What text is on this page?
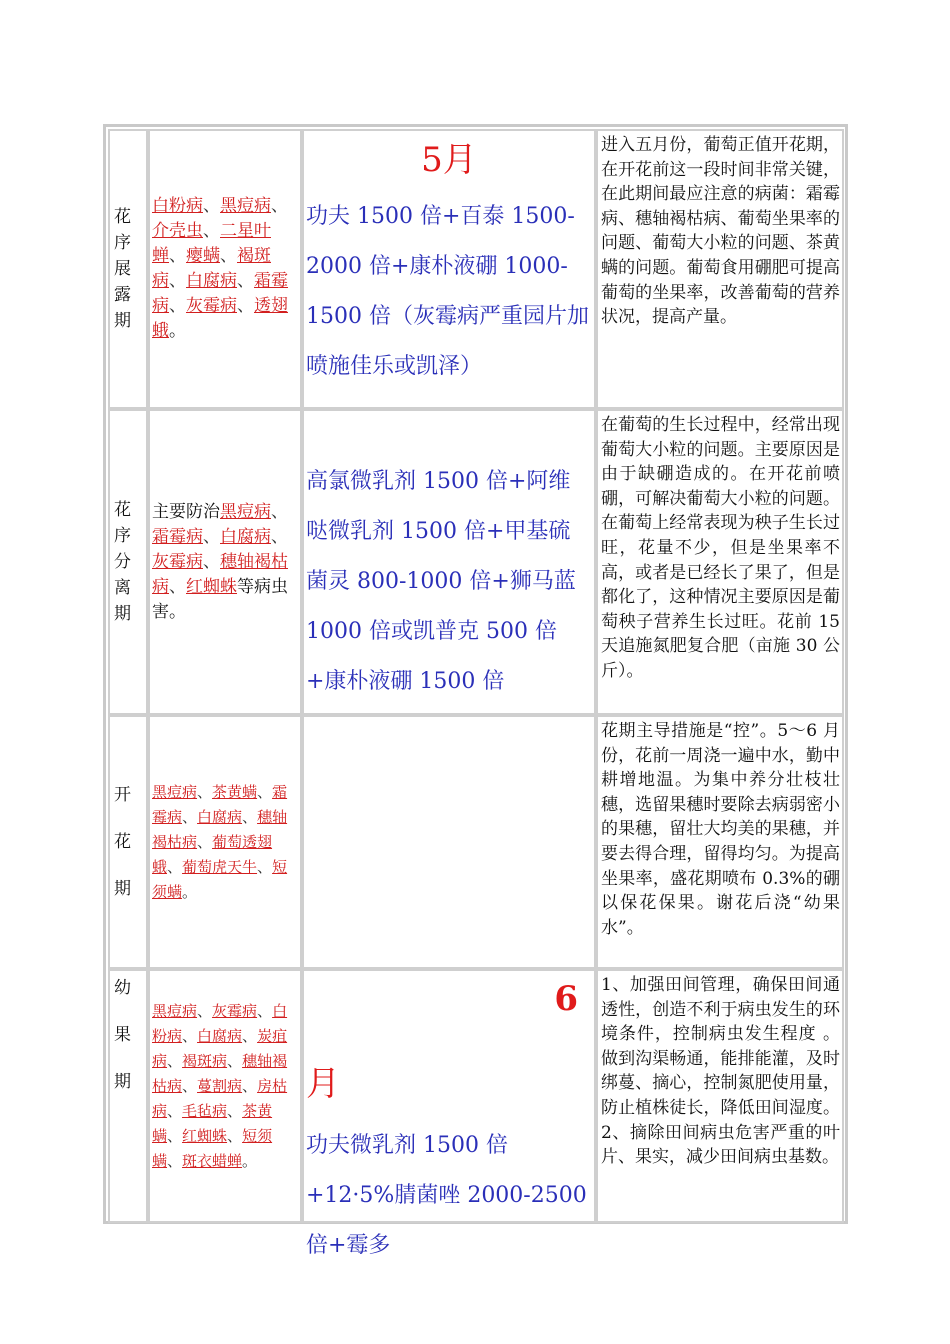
花序展露期
白粉病、黑痘病、介壳虫、二星叶蝉、瘿螨、褐斑病、白腐病、霜霉病、灰霉病、透翅蛾。
5月
功夫 1500 倍+百泰 1500-2000 倍+康朴液硼 1000-1500 倍（灰霉病严重园片加喷施佳乐或凯泽）
进入五月份，葡萄正值开花期，在开花前这一段时间非常关键，在此期间最应注意的病菌：霜霉病、穗轴褐枯病、葡萄坐果率的问题、葡萄大小粒的问题、茶黄螨的问题。葡萄食用硼肥可提高葡萄的坐果率，改善葡萄的营养状况，提高产量。
花序分离期
主要防治黑痘病、霜霉病、白腐病、灰霉病、穗轴褐枯病、红蜘蛛等病虫害。
高氯微乳剂 1500 倍+阿维哒微乳剂 1500 倍+甲基硫菌灵 800-1000 倍+狮马蓝 1000 倍或凯普克 500 倍+康朴液硼 1500 倍
在葡萄的生长过程中，经常出现葡萄大小粒的问题。主要原因是由于缺硼造成的。在开花前喷硼，可解决葡萄大小粒的问题。在葡萄上经常表现为秧子生长过旺，花量不少，但是坐果率不高，或者是已经长了果了，但是都化了，这种情况主要原因是葡萄秧子营养生长过旺。花前 15 天追施氮肥复合肥（亩施 30 公斤）。
开花期
黑痘病、茶黄螨、霜霉病、白腐病、穗轴褐枯病、葡萄透翅蛾、葡萄虎天牛、短须螨。
花期主导措施是“控”。5～6 月份，花前一周浇一遍中水，勤中耕增地温。为集中养分壮枝壮穗，选留果穗时要除去病弱密小的果穗，留壮大均美的果穗，并要去得合理，留得均匀。为提高坐果率，盛花期喷布 0.3%的硼以保花保果。谢花后浇“幼果水”。
幼果期
黑痘病、灰霉病、白粉病、白腐病、炭疽病、褐斑病、穗轴褐枯病、蔓割病、房枯病、毛毡病、茶黄螨、红蜘蛛、短须螨、斑衣蜡蝉。
6
月
功夫微乳剂 1500 倍+12·5%腈菌唑 2000-2500 倍+霉多
1、加强田间管理，确保田间通透性，创造不利于病虫发生的环境条件，控制病虫发生程度 。做到沟渠畅通，能排能灌，及时绑蔓、摘心，控制氮肥使用量，防止植株徒长，降低田间湿度。2、摘除田间病虫危害严重的叶片、果实，减少田间病虫基数。
